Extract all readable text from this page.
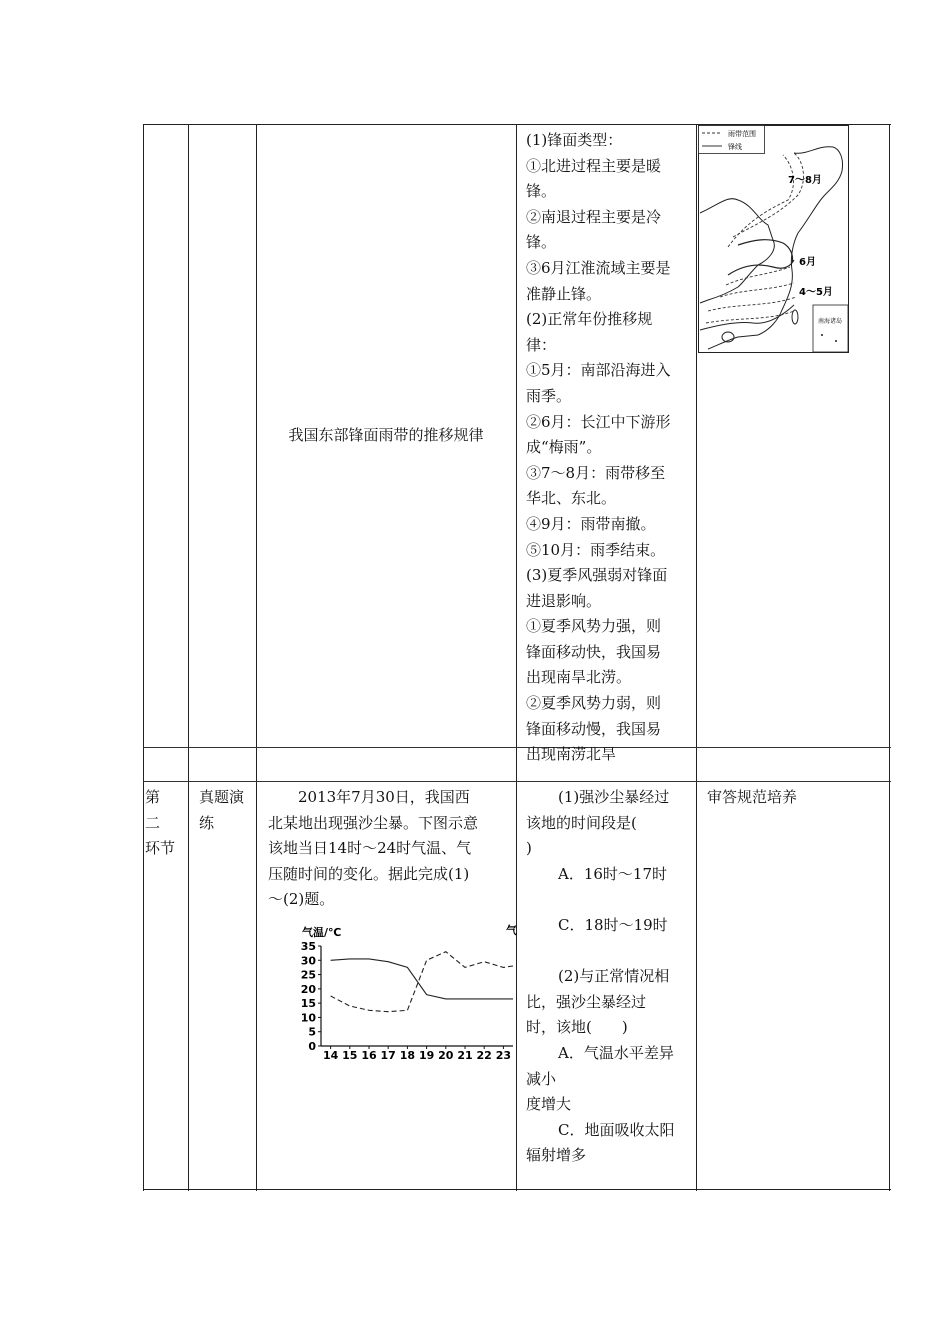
我国东部锋面雨带的推移规律

(1)锋面类型：

①北进过程主要是暖

锋。

②南退过程主要是冷

锋。

③6月江淮流域主要是

准静止锋。

(2)正常年份推移规

律：

①5月：南部沿海进入

雨季。

②6月：长江中下游形

成“梅雨”。

③7～8月：雨带移至

华北、东北。

④9月：雨带南撤。

⑤10月：雨季结束。

(3)夏季风强弱对锋面

进退影响。

①夏季风势力强，则

锋面移动快，我国易

出现南旱北涝。

②夏季风势力弱，则

锋面移动慢，我国易

出现南涝北旱

雨带范围
锋线
7～8月
6月
4～5月
南海诸岛

第　二

环节

真题演

练

2013年7月30日，我国西

北某地出现强沙尘暴。下图示意

该地当日14时～24时气温、气

压随时间的变化。据此完成(1)

～(2)题。

0
5
10
15
20
25
30
35
14 15 16 17 18 19 20 21 22 23
气温/℃	气

(1)强沙尘暴经过

该地的时间段是(

)

A．16时～17时

C．18时～19时

(2)与正常情况相

比，强沙尘暴经过

时，该地(　　)

A．气温水平差异

减小

度增大

C．地面吸收太阳

辐射增多

审答规范培养
